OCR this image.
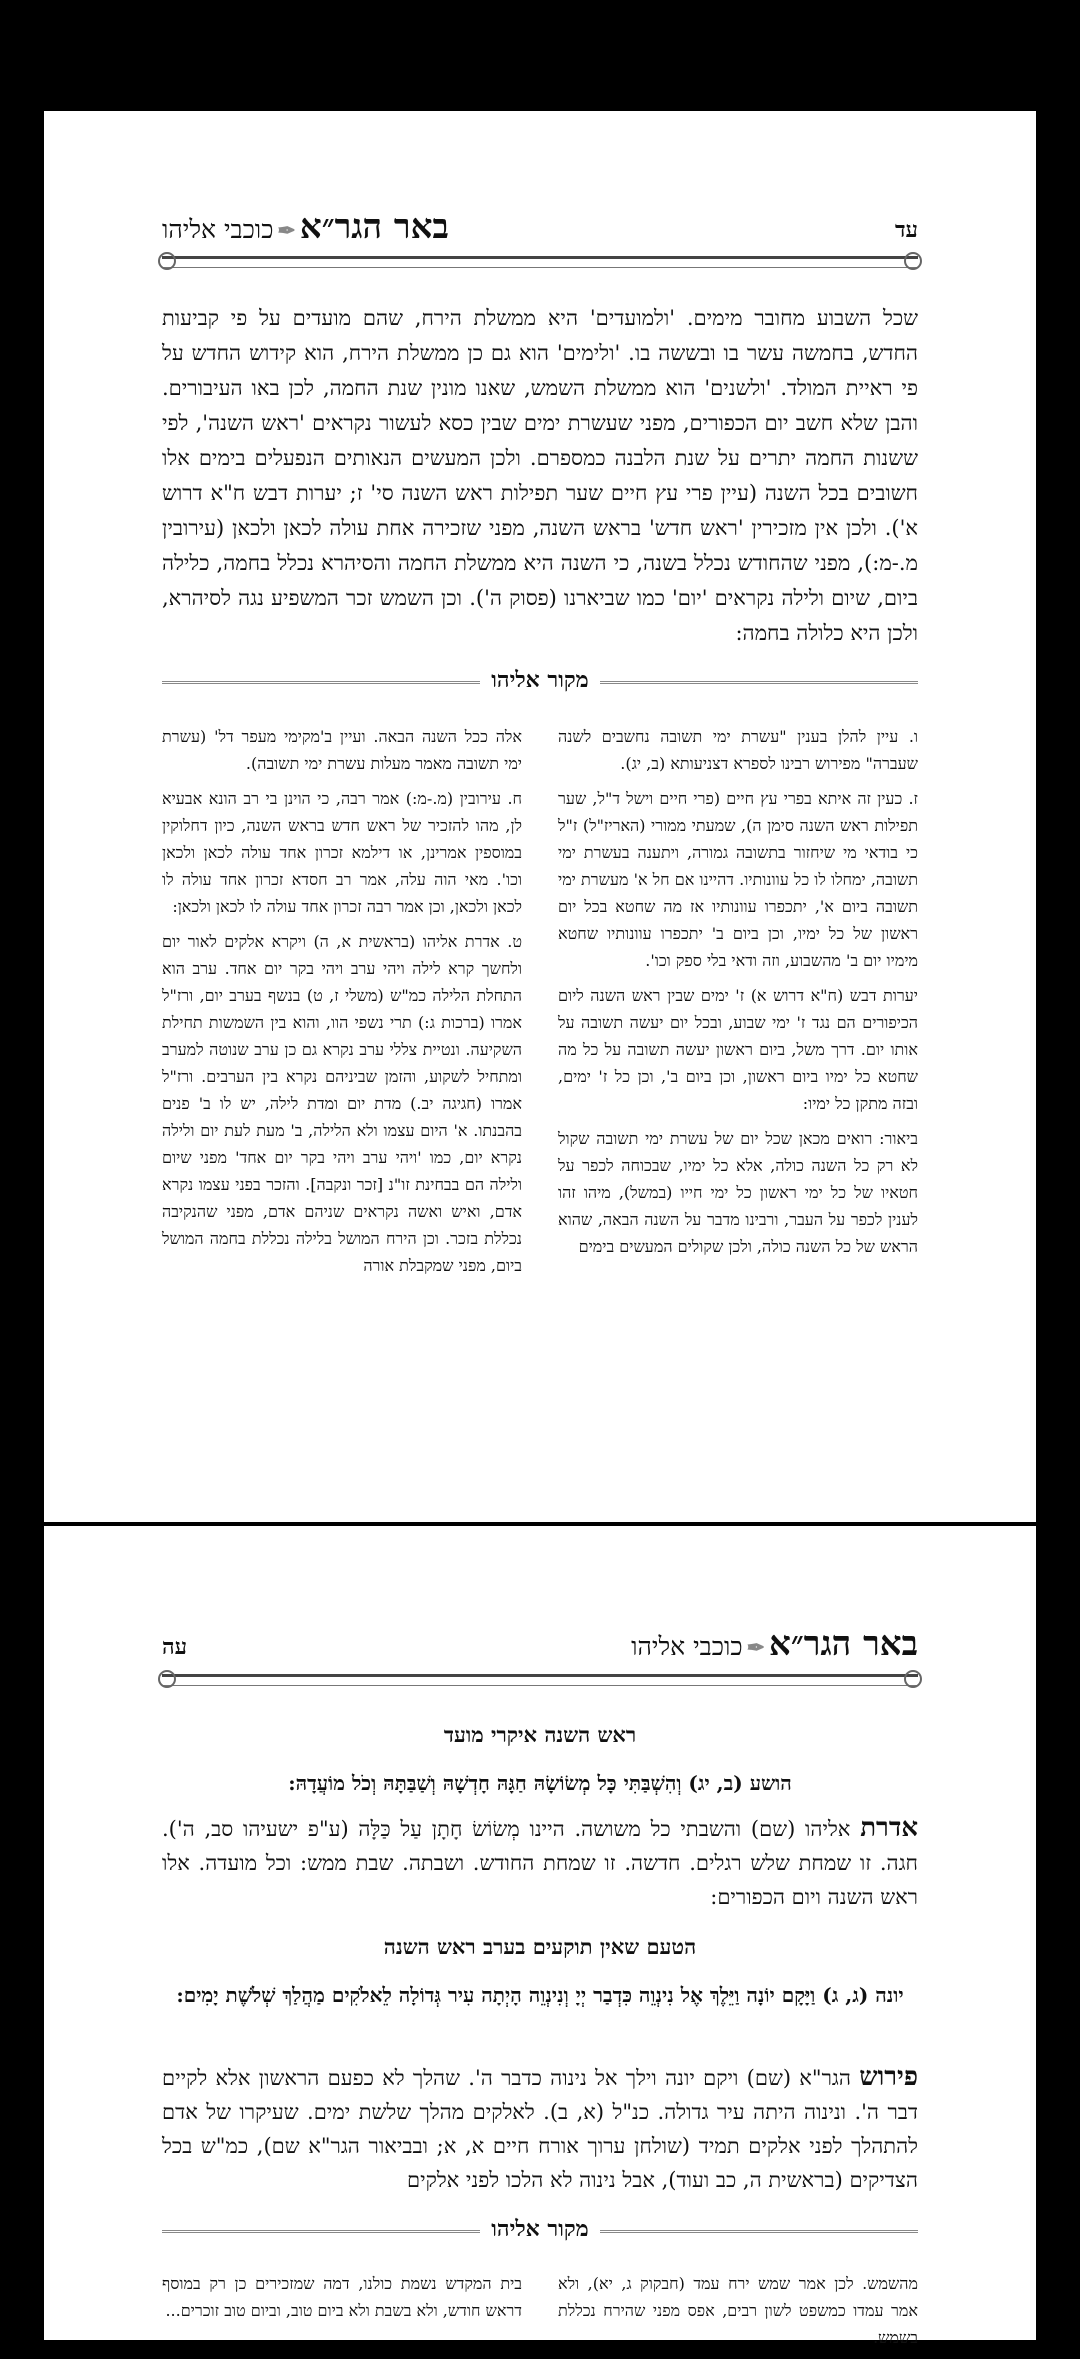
עד
באר הגר״א✒כוכבי אליהו
שכל השבוע מחובר מימים. 'ולמועדים' היא ממשלת הירח, שהם מועדים על פי קביעות החדש, בחמשה עשר בו ובששה בו. 'ולימים' הוא גם כן ממשלת הירח, הוא קידוש החדש על פי ראיית המולד. 'ולשנים' הוא ממשלת השמש, שאנו מונין שנת החמה, לכן באו העיבורים. והבן שלא חשב יום הכפורים, מפני שעשרת ימים שבין כסא לעשור נקראים 'ראש השנה', לפי ששנות החמה יתרים על שנת הלבנה כמספרם. ולכן המעשים הנאותים הנפעלים בימים אלו חשובים בכל השנה (עיין פרי עץ חיים שער תפילות ראש השנה סי' ז; יערות דבש ח"א דרוש א'). ולכן אין מזכירין 'ראש חדש' בראש השנה, מפני שזכירה אחת עולה לכאן ולכאן (עירובין מ.-מ:), מפני שהחודש נכלל בשנה, כי השנה היא ממשלת החמה והסיהרא נכלל בחמה, כלילה ביום, שיום ולילה נקראים 'יום' כמו שביארנו (פסוק ה'). וכן השמש זכר המשפיע נגה לסיהרא, ולכן היא כלולה בחמה:
מקור אליהו

ו. עיין להלן בענין "עשרת ימי תשובה נחשבים לשנה שעברה" מפירוש רבינו לספרא דצניעותא (ב, יג).

ז. כעין זה איתא בפרי עץ חיים (פרי חיים וישל ד"ל, שער תפילות ראש השנה סימן ה), שמעתי ממורי (האריז"ל) ז"ל כי בודאי מי שיחזור בתשובה גמורה, ויתענה בעשרת ימי תשובה, ימחלו לו כל עוונותיו. דהיינו אם חל א' מעשרת ימי תשובה ביום א', יתכפרו עוונותיו אז מה שחטא בכל יום ראשון של כל ימיו, וכן ביום ב' יתכפרו עוונותיו שחטא מימיו יום ב' מהשבוע, וזה ודאי בלי ספק וכו'.

יערות דבש (ח"א דרוש א) ז' ימים שבין ראש השנה ליום הכיפורים הם נגד ז' ימי שבוע, ובכל יום יעשה תשובה על אותו יום. דרך משל, ביום ראשון יעשה תשובה על כל מה שחטא כל ימיו ביום ראשון, וכן ביום ב', וכן כל ז' ימים, ובזה מתקן כל ימיו:

ביאור: רואים מכאן שכל יום של עשרת ימי תשובה שקול לא רק כל השנה כולה, אלא כל ימיו, שבכוחה לכפר על חטאיו של כל ימי ראשון כל ימי חייו (במשל), מיהו זהו לענין לכפר על העבר, ורבינו מדבר על השנה הבאה, שהוא הראש של כל השנה כולה, ולכן שקולים המעשים בימים

אלה ככל השנה הבאה. ועיין ב'מקימי מעפר דל' (עשרת ימי תשובה מאמר מעלות עשרת ימי תשובה).

ח. עירובין (מ.-מ:) אמר רבה, כי הוינן בי רב הונא אבעיא לן, מהו להזכיר של ראש חדש בראש השנה, כיון דחלוקין במוספין אמרינן, או דילמא זכרון אחד עולה לכאן ולכאן וכו'. מאי הוה עלה, אמר רב חסדא זכרון אחד עולה לו לכאן ולכאן, וכן אמר רבה זכרון אחד עולה לו לכאן ולכאן:

ט. אדרת אליהו (בראשית א, ה) ויקרא אלקים לאור יום ולחשך קרא לילה ויהי ערב ויהי בקר יום אחד. ערב הוא התחלת הלילה כמ"ש (משלי ז, ט) בנשף בערב יום, ורז"ל אמרו (ברכות ג:) תרי נשפי הוו, והוא בין השמשות תחילת השקיעה. ונטיית צללי ערב נקרא גם כן ערב שנוטה למערב ומתחיל לשקוע, והזמן שביניהם נקרא בין הערבים. ורז"ל אמרו (חגיגה יב.) מדת יום ומדת לילה, יש לו ב' פנים בהבנתו. א' היום עצמו ולא הלילה, ב' מעת לעת יום ולילה נקרא יום, כמו 'ויהי ערב ויהי בקר יום אחד' מפני שיום ולילה הם בבחינת זו"נ [זכר ונקבה]. והזכר בפני עצמו נקרא אדם, ואיש ואשה נקראים שניהם אדם, מפני שהנקיבה נכללת בזכר. וכן הירח המושל בלילה נכללת בחמה המושל ביום, מפני שמקבלת אורה

עה	באר הגר״א✒כוכבי אליהו
ראש השנה איקרי מועד
הושע (ב, יג) וְהִשְׁבַּתִּי כָּל מְשׂוֹשָׂהּ חַגָּהּ חָדְשָׁהּ וְשַׁבַּתָּהּ וְכֹל מוֹעֲדָהּ:
אדרת אליהו (שם) והשבתי כל משושה. היינו מְשׂוֹשׂ חָתָן עַל כַּלָּה (ע"פ ישעיהו סב, ה'). חגה. זו שמחת שלש רגלים. חדשה. זו שמחת החודש. ושבתה. שבת ממש: וכל מועדה. אלו ראש השנה ויום הכפורים:
הטעם שאין תוקעים בערב ראש השנה
יונה (ג, ג) וַיָּקָם יוֹנָה וַיֵּלֶךְ אֶל נִינְוֵה כִּדְבַר יְיָ וְנִינְוֵה הָיְתָה עִיר גְּדוֹלָה לֵאלֹקִים מַהֲלַךְ שְׁלֹשֶׁת יָמִים:
פירוש הגר"א (שם) ויקם יונה וילך אל נינוה כדבר ה'. שהלך לא כפעם הראשון אלא לקיים דבר ה'. ונינוה היתה עיר גדולה. כנ"ל (א, ב). לאלקים מהלך שלשת ימים. שעיקרו של אדם להתהלך לפני אלקים תמיד (שולחן ערוך אורח חיים א, א; ובביאור הגר"א שם), כמ"ש בכל הצדיקים (בראשית ה, כב ועוד), אבל נינוה לא הלכו לפני אלקים
מקור אליהו

מהשמש. לכן אמר שמש ירח עמד (חבקוק ג, יא), ולא אמר עמדו כמשפט לשון רבים, אפס מפני שהירח נכללת בשמש.

בית המקדש נשמת כולנו, דמה שמזכירים כן רק במוסף דראש חודש, ולא בשבת ולא ביום טוב, וביום טוב זוכרים...
